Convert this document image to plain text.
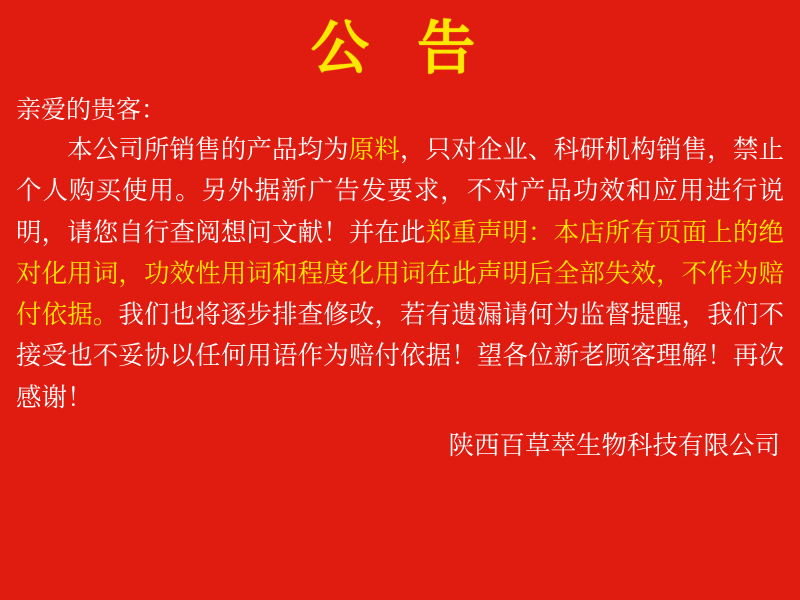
公 告
亲爱的贵客：
本公司所销售的产品均为原料，只对企业、科研机构销售，禁止个人购买使用。另外据新广告发要求，不对产品功效和应用进行说明，请您自行查阅想问文献！并在此郑重声明：本店所有页面上的绝对化用词，功效性用词和程度化用词在此声明后全部失效，不作为赔付依据。我们也将逐步排查修改，若有遗漏请何为监督提醒，我们不接受也不妥协以任何用语作为赔付依据！望各位新老顾客理解！再次感谢！
陕西百草萃生物科技有限公司
